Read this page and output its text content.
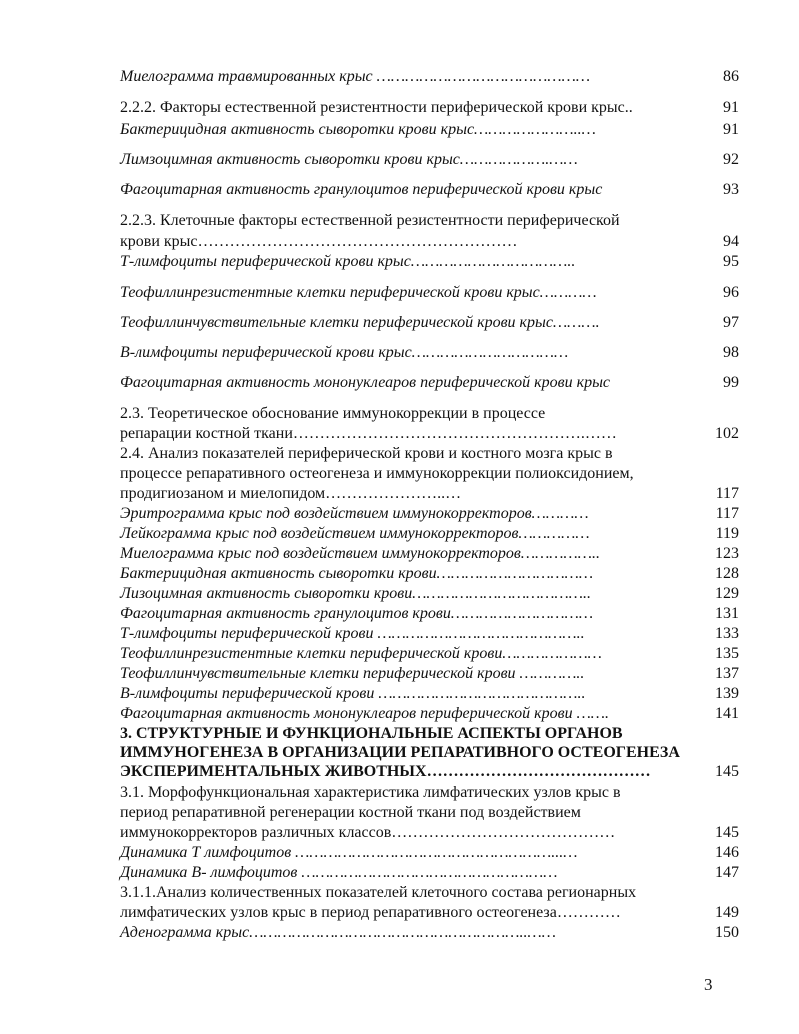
Миелограмма травмированных крыс ………………………………………	86
2.2.2. Факторы естественной резистентности периферической крови крыс..	91
Бактерицидная активность сыворотки крови крыс…………………..…	91
Лимзоцимная активность сыворотки крови крыс……………….……	92
Фагоцитарная активность гранулоцитов периферической крови крыс	93
2.2.3. Клеточные факторы естественной резистентности периферической
крови крыс……………………………………………………	94
Т-лимфоциты периферической крови крыс……………………………..	95
Теофиллинрезистентные клетки периферической крови крыс…………	96
Теофиллинчувствительные клетки периферической крови крыс……….	97
В-лимфоциты периферической крови крыс……………………………	98
Фагоцитарная активность мононуклеаров периферической крови крыс	99
2.3. Теоретическое обоснование иммунокоррекции в процессе
репарации костной ткани……………………………………………….……	102
2.4. Анализ показателей периферической крови и костного мозга крыс в
процессе репаративного остеогенеза и иммунокоррекции полиоксидонием,
продигиозаном и миелопидом…………………..…	117
Эритрограмма крыс под воздействием иммунокорректоров…………	117
Лейкограмма крыс под воздействием иммунокорректоров……………	119
Миелограмма крыс под воздействием иммунокорректоров……………..	123
Бактерицидная активность сыворотки крови……………………………	128
Лизоцимная активность сыворотки крови………………………………..	129
Фагоцитарная активность гранулоцитов крови…………………………	131
Т-лимфоциты периферической крови ……………………………………..	133
Теофиллинрезистентные клетки периферической крови…………………	135
Теофиллинчувствительные клетки периферической крови …………..	137
В-лимфоциты периферической крови ……………………………………..	139
Фагоцитарная активность мононуклеаров периферической крови …….	141
3. СТРУКТУРНЫЕ И ФУНКЦИОНАЛЬНЫЕ АСПЕКТЫ ОРГАНОВ
ИММУНОГЕНЕЗА В ОРГАНИЗАЦИИ РЕПАРАТИВНОГО ОСТЕОГЕНЕЗА
ЭКСПЕРИМЕНТАЛЬНЫХ ЖИВОТНЫХ……………………………………	145
3.1. Морфофункциональная характеристика лимфатических узлов крыс в
период репаративной регенерации костной ткани под воздействием
иммунокорректоров различных классов……………………………………	145
Динамика Т лимфоцитов ………………………………………………...…	146
Динамика В- лимфоцитов ………………………………………………	147
3.1.1.Анализ количественных показателей клеточного состава регионарных
лимфатических узлов крыс в период репаративного остеогенеза…………	149
Аденограмма крыс…………………………………………………..……	150
3
